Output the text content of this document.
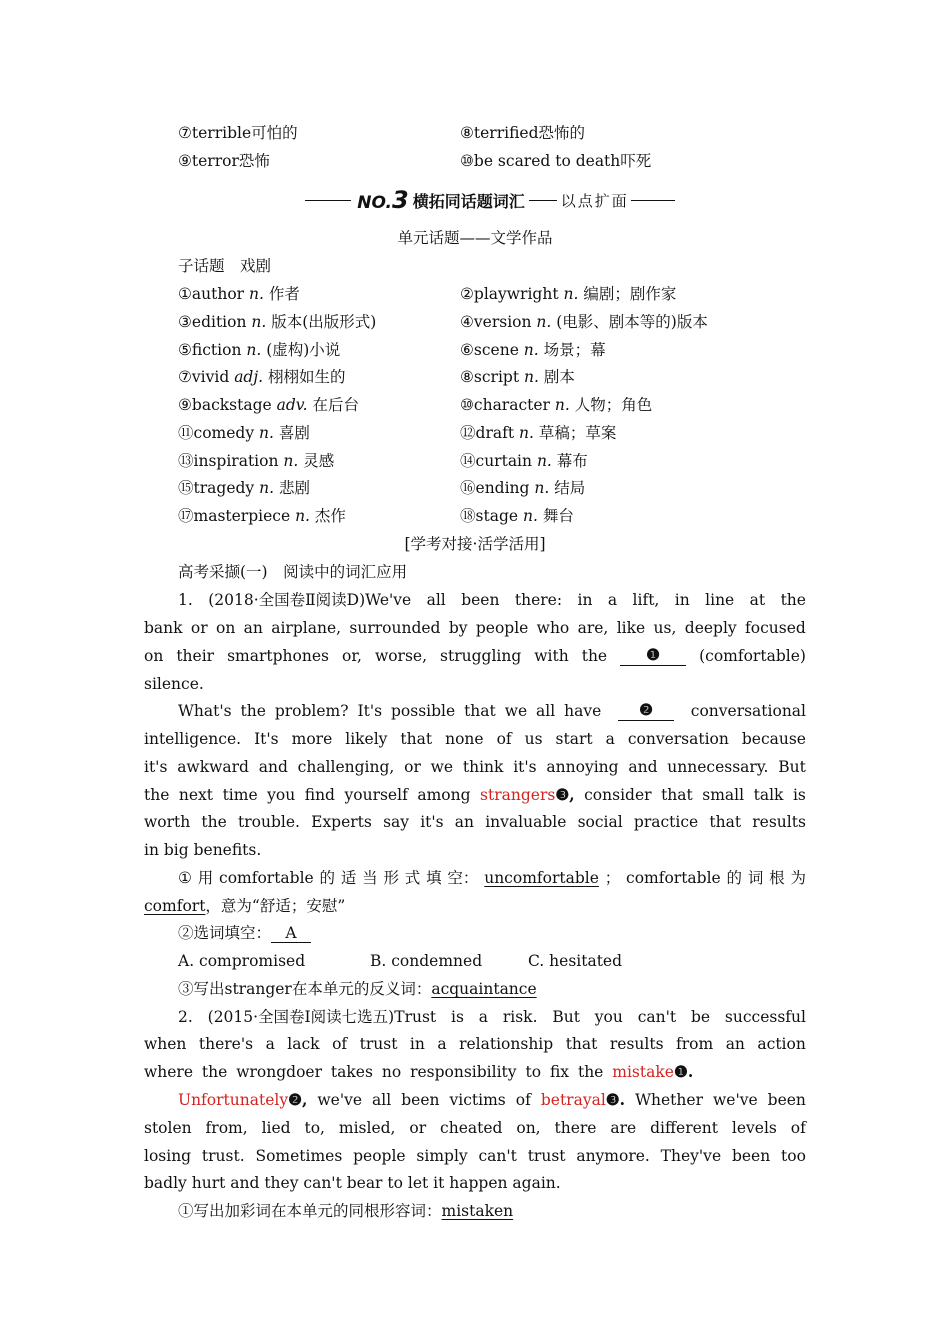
⑦terrible可怕的	⑧terrified恐怖的
⑨terror恐怖	⑩be scared to death吓死
NO.3 横拓同话题词汇 以点扩面
单元话题——文学作品
子话题　戏剧
①author n. 作者	②playwright n. 编剧；剧作家
③edition n. 版本(出版形式)	④version n. (电影、剧本等的)版本
⑤fiction n. (虚构)小说	⑥scene n. 场景；幕
⑦vivid adj. 栩栩如生的	⑧script n. 剧本
⑨backstage adv. 在后台	⑩character n. 人物；角色
⑪comedy n. 喜剧	⑫draft n. 草稿；草案
⑬inspiration n. 灵感	⑭curtain n. 幕布
⑮tragedy n. 悲剧	⑯ending n. 结局
⑰masterpiece n. 杰作	⑱stage n. 舞台
[学考对接·活学活用]
高考采撷(一)　阅读中的词汇应用
1. (2018·全国卷Ⅱ阅读D)We've all been there: in a lift, in line at the
bank or on an airplane, surrounded by people who are, like us, deeply focused
on their smartphones or, worse, struggling with the	❶	(comfortable)
silence.
What's the problem? It's possible that we all have	❷	conversational
intelligence. It's more likely that none of us start a conversation because
it's awkward and challenging, or we think it's annoying and unnecessary. But
the next time you find yourself among strangers❸, consider that small talk is
worth the trouble. Experts say it's an invaluable social practice that results
in big benefits.
① 用 comfortable 的 适 当 形 式 填 空： uncomfortable ； comfortable 的 词 根 为
comfort，意为“舒适；安慰”
②选词填空： A
A. compromised	B. condemned	C. hesitated
③写出stranger在本单元的反义词：acquaintance
2. (2015·全国卷Ⅰ阅读七选五)Trust is a risk. But you can't be successful
when there's a lack of trust in a relationship that results from an action
where the wrongdoer takes no responsibility to fix the mistake❶.
Unfortunately❷, we've all been victims of betrayal❸. Whether we've been
stolen from, lied to, misled, or cheated on, there are different levels of
losing trust. Sometimes people simply can't trust anymore. They've been too
badly hurt and they can't bear to let it happen again.
①写出加彩词在本单元的同根形容词：mistaken
